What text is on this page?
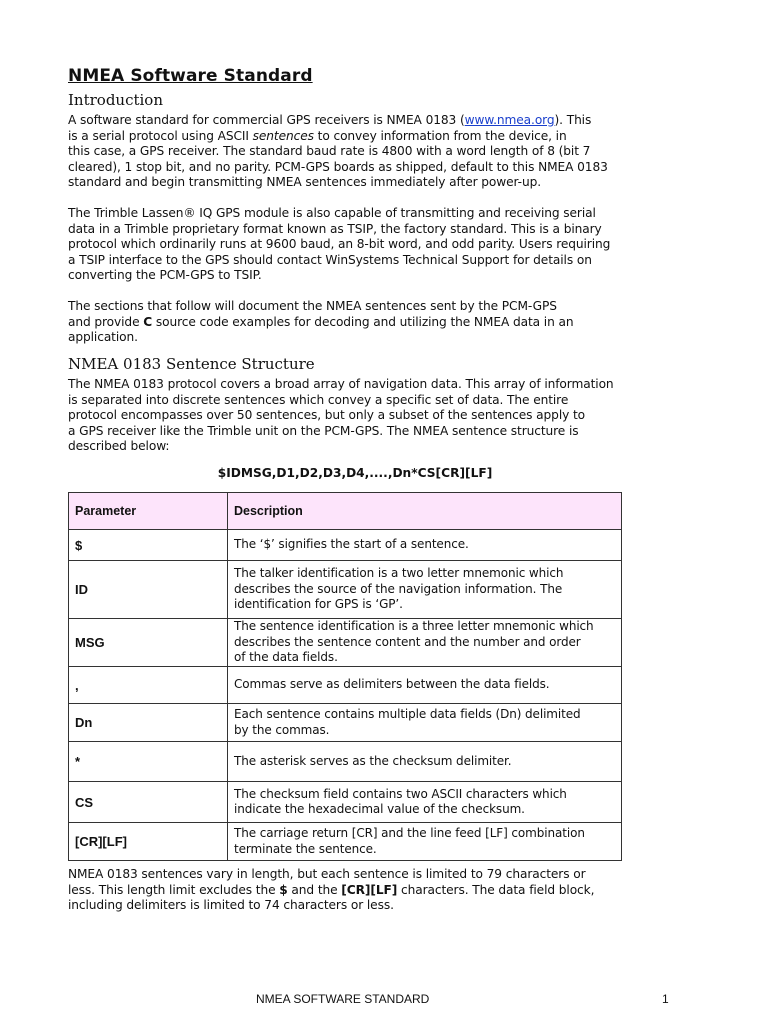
NMEA Software Standard
Introduction

A software standard for commercial GPS receivers is NMEA 0183 (www.nmea.org). This
is a serial protocol using ASCII sentences to convey information from the device, in
this case, a GPS receiver. The standard baud rate is 4800 with a word length of 8 (bit 7
cleared), 1 stop bit, and no parity. PCM-GPS boards as shipped, default to this NMEA 0183
standard and begin transmitting NMEA sentences immediately after power-up.

The Trimble Lassen® IQ GPS module is also capable of transmitting and receiving serial
data in a Trimble proprietary format known as TSIP, the factory standard. This is a binary
protocol which ordinarily runs at 9600 baud, an 8-bit word, and odd parity. Users requiring
a TSIP interface to the GPS should contact WinSystems Technical Support for details on
converting the PCM-GPS to TSIP.

The sections that follow will document the NMEA sentences sent by the PCM-GPS
and provide C source code examples for decoding and utilizing the NMEA data in an
application.

NMEA 0183 Sentence Structure

The NMEA 0183 protocol covers a broad array of navigation data. This array of information
is separated into discrete sentences which convey a specific set of data. The entire
protocol encompasses over 50 sentences, but only a subset of the sentences apply to
a GPS receiver like the Trimble unit on the PCM-GPS. The NMEA sentence structure is
described below:

$IDMSG,D1,D2,D3,D4,....,Dn*CS[CR][LF]

Parameter	Description
$	The ‘$’ signifies the start of a sentence.

ID	The talker identification is a two letter mnemonic which
describes the source of the navigation information. The
identification for GPS is ‘GP’.

MSG	The sentence identification is a three letter mnemonic which
describes the sentence content and the number and order
of the data fields.

,	Commas serve as delimiters between the data fields.

Dn	Each sentence contains multiple data fields (Dn) delimited
by the commas.

*	The asterisk serves as the checksum delimiter.

CS	The checksum field contains two ASCII characters which
indicate the hexadecimal value of the checksum.

[CR][LF]	The carriage return [CR] and the line feed [LF] combination
terminate the sentence.

NMEA 0183 sentences vary in length, but each sentence is limited to 79 characters or
less. This length limit excludes the $ and the [CR][LF] characters. The data field block,
including delimiters is limited to 74 characters or less.

NMEA SOFTWARE STANDARD	1
